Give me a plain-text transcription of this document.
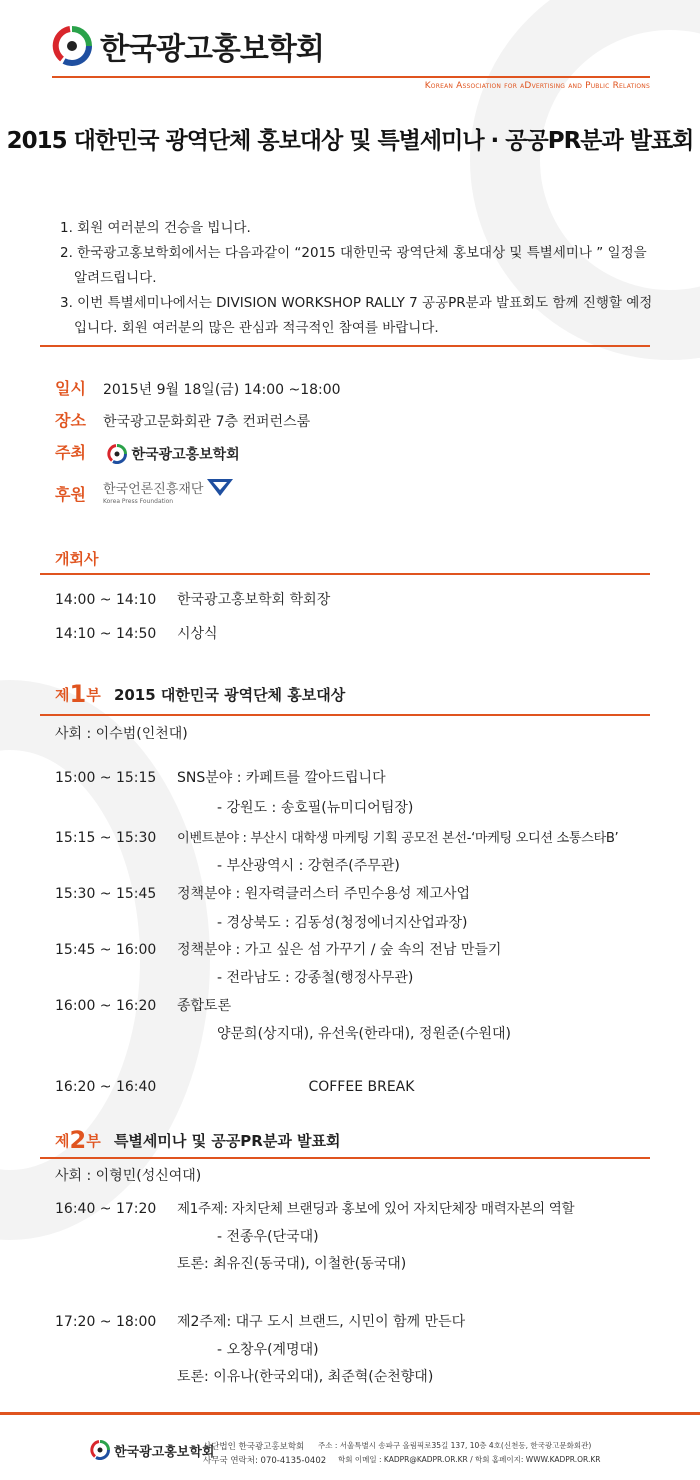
한국광고홍보학회
Korean Association for aDvertising and Public Relations
2015 대한민국 광역단체 홍보대상 및 특별세미나 · 공공PR분과 발표회
1. 회원 여러분의 건승을 빕니다.
2. 한국광고홍보학회에서는 다음과같이 “2015 대한민국 광역단체 홍보대상 및 특별세미나 ” 일정을 알려드립니다.
3. 이번 특별세미나에서는 DIVISION WORKSHOP RALLY 7 공공PR분과 발표회도 함께 진행할 예정입니다. 회원 여러분의 많은 관심과 적극적인 참여를 바랍니다.
일시 2015년 9월 18일(금) 14:00 ~18:00
장소 한국광고문화회관 7층 컨퍼런스룸
주최	한국광고홍보학회
후원	한국언론진흥재단
Korea Press Foundation
개회사
14:00 ~ 14:10 한국광고홍보학회 학회장
14:10 ~ 14:50 시상식
제1부 2015 대한민국 광역단체 홍보대상
사회 : 이수범(인천대)
15:00 ~ 15:15 SNS분야 : 카페트를 깔아드립니다
- 강원도 : 송호필(뉴미디어팀장)
15:15 ~ 15:30 이벤트분야 : 부산시 대학생 마케팅 기획 공모전 본선-‘마케팅 오디션 소통스타B’
- 부산광역시 : 강현주(주무관)
15:30 ~ 15:45 정책분야 : 원자력클러스터 주민수용성 제고사업
- 경상북도 : 김동성(청정에너지산업과장)
15:45 ~ 16:00 정책분야 : 가고 싶은 섬 가꾸기 / 숲 속의 전남 만들기
- 전라남도 : 강종철(행정사무관)
16:00 ~ 16:20 종합토론
양문희(상지대), 유선욱(한라대), 정원준(수원대)
16:20 ~ 16:40	COFFEE BREAK
제2부 특별세미나 및 공공PR분과 발표회
사회 : 이형민(성신여대)
16:40 ~ 17:20 제1주제: 자치단체 브랜딩과 홍보에 있어 자치단체장 매력자본의 역할
- 전종우(단국대)
토론: 최유진(동국대), 이철한(동국대)
17:20 ~ 18:00 제2주제: 대구 도시 브랜드, 시민이 함께 만든다
- 오창우(계명대)
토론: 이유나(한국외대), 최준혁(순천향대)
한국광고홍보학회
사단법인 한국광고홍보학회
사무국 연락처: 070-4135-0402
주소 : 서울특별시 송파구 올림픽로35길 137, 10층 4호(신천동, 한국광고문화회관)
학회 이메일 : KADPR@KADPR.OR.KR / 학회 홈페이지: WWW.KADPR.OR.KR
